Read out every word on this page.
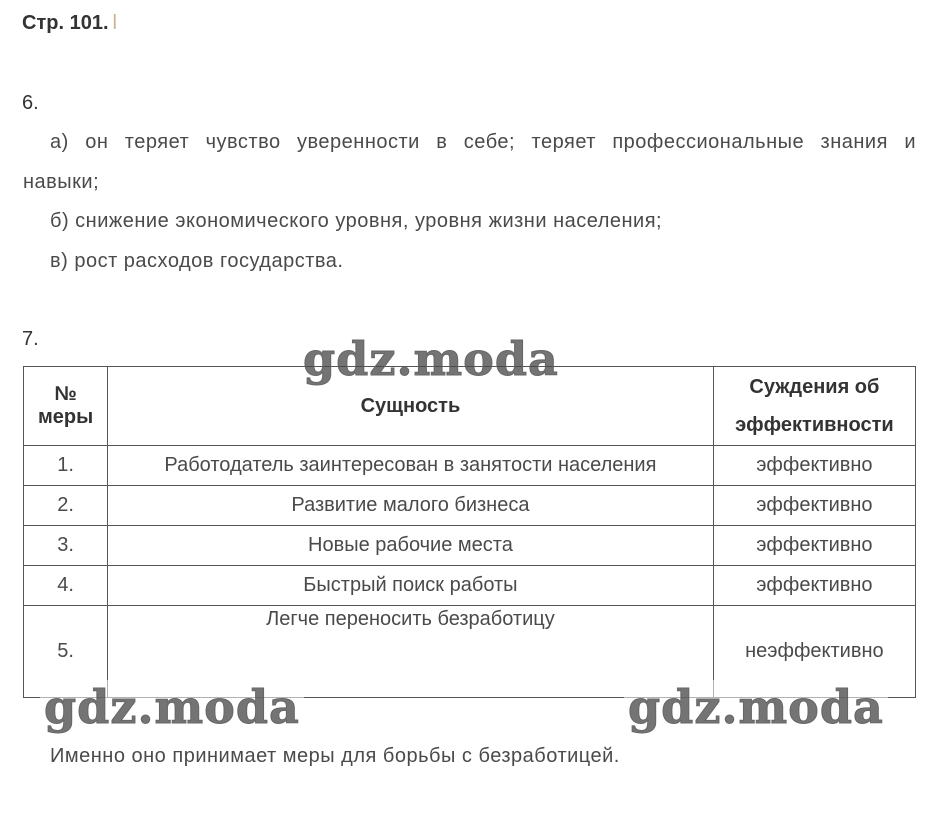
Стр. 101. l
6.
а) он теряет чувство уверенности в себе; теряет профессиональные знания и
навыки;
б) снижение экономического уровня, уровня жизни населения;
в) рост расходов государства.
7.
№ меры	Сущность	Суждения об эффективности
1.	Работодатель заинтересован в занятости населения	эффективно
2.	Развитие малого бизнеса	эффективно
3.	Новые рабочие места	эффективно
4.	Быстрый поиск работы	эффективно
5.	Легче переносить безработицу	неэффективно
Именно оно принимает меры для борьбы с безработицей.
gdz.moda
gdz.moda	gdz.moda
